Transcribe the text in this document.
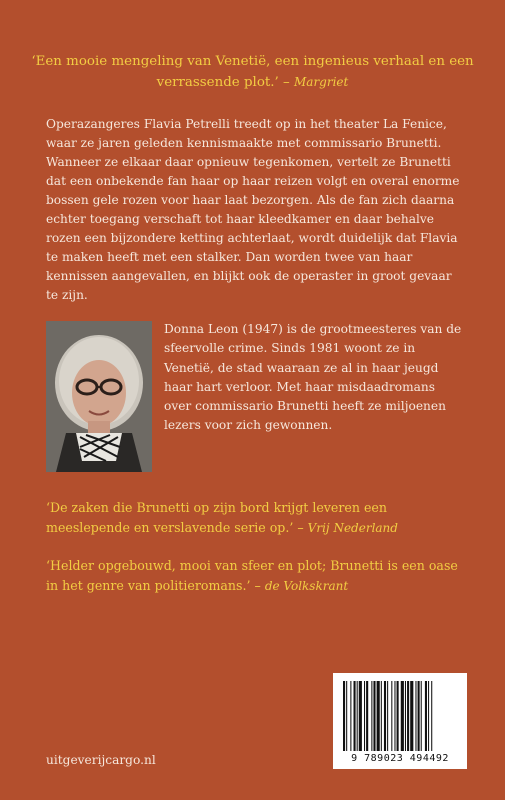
‘Een mooie mengeling van Venetië, een ingenieus verhaal en een verrassende plot.’ – Margriet

Operazangeres Flavia Petrelli treedt op in het theater La Fenice, waar ze jaren geleden kennismaakte met commissario Brunetti. Wanneer ze elkaar daar opnieuw tegenkomen, vertelt ze Brunetti dat een onbekende fan haar op haar reizen volgt en overal enorme bossen gele rozen voor haar laat bezorgen. Als de fan zich daarna echter toegang verschaft tot haar kleedkamer en daar behalve rozen een bijzondere ketting achterlaat, wordt duidelijk dat Flavia te maken heeft met een stalker. Dan worden twee van haar kennissen aangevallen, en blijkt ook de operaster in groot gevaar te zijn.

Donna Leon (1947) is de grootmeesteres van de sfeervolle crime. Sinds 1981 woont ze in Venetië, de stad waaraan ze al in haar jeugd haar hart verloor. Met haar misdaadromans over commissario Brunetti heeft ze miljoenen lezers voor zich gewonnen.
‘De zaken die Brunetti op zijn bord krijgt leveren een meeslepende en verslavende serie op.’ – Vrij Nederland
‘Helder opgebouwd, mooi van sfeer en plot; Brunetti is een oase in het genre van politieromans.’ – de Volkskrant
9 789023 494492
uitgeverijcargo.nl
